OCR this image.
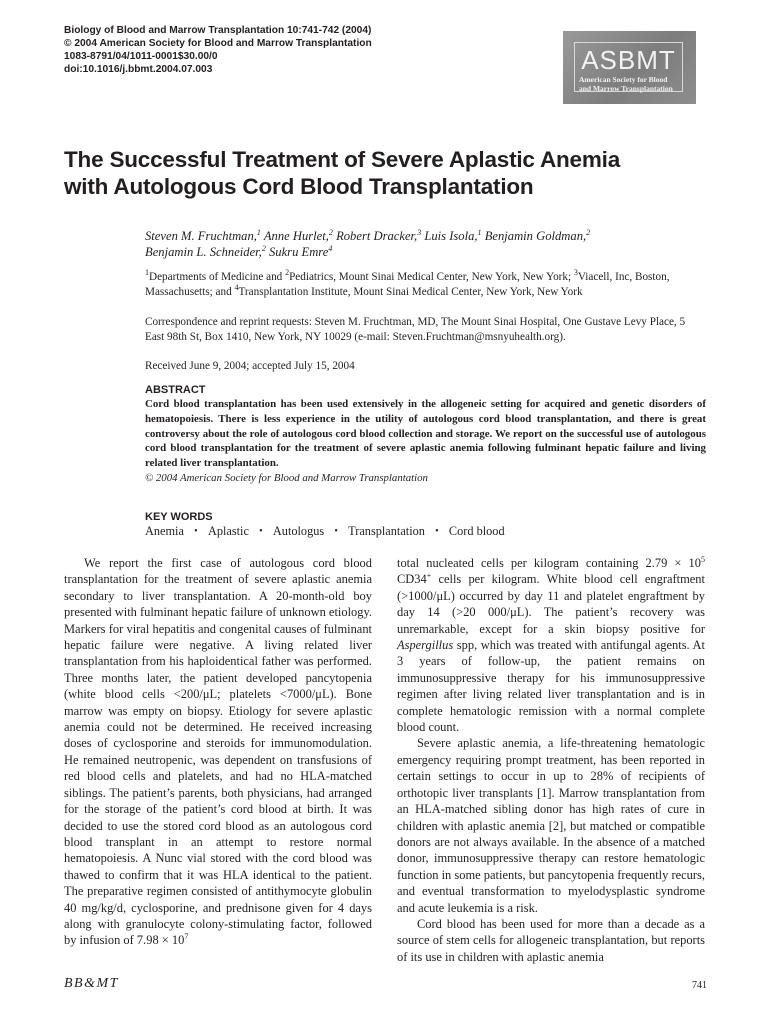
Biology of Blood and Marrow Transplantation 10:741-742 (2004)
© 2004 American Society for Blood and Marrow Transplantation
1083-8791/04/1011-0001$30.00/0
doi:10.1016/j.bbmt.2004.07.003	ASBMT
American Society for Blood
and Marrow Transplantation
The Successful Treatment of Severe Aplastic Anemia
with Autologous Cord Blood Transplantation
Steven M. Fruchtman,$^1$ Anne Hurlet,$^2$ Robert Dracker,$^3$ Luis Isola,$^1$ Benjamin Goldman,$^2$
Benjamin L. Schneider,$^2$ Sukru Emre$^4$
$^1$Departments of Medicine and $^2$Pediatrics, Mount Sinai Medical Center, New York, New York; $^3$Viacell, Inc, Boston, Massachusetts; and $^4$Transplantation Institute, Mount Sinai Medical Center, New York, New York
Correspondence and reprint requests: Steven M. Fruchtman, MD, The Mount Sinai Hospital, One Gustave Levy Place, 5 East 98th St, Box 1410, New York, NY 10029 (e-mail: Steven.Fruchtman@msnyuhealth.org).
Received June 9, 2004; accepted July 15, 2004
ABSTRACT
Cord blood transplantation has been used extensively in the allogeneic setting for acquired and genetic disorders of hematopoiesis. There is less experience in the utility of autologous cord blood transplantation, and there is great controversy about the role of autologous cord blood collection and storage. We report on the successful use of autologous cord blood transplantation for the treatment of severe aplastic anemia following fulminant hepatic failure and living related liver transplantation.
© 2004 American Society for Blood and Marrow Transplantation
KEY WORDS
Anemia • Aplastic • Autologus • Transplantation • Cord blood

We report the first case of autologous cord blood transplantation for the treatment of severe aplastic anemia secondary to liver transplantation. A 20-month-old boy presented with fulminant hepatic failure of unknown etiology. Markers for viral hepatitis and congenital causes of fulminant hepatic failure were negative. A living related liver transplantation from his haploidentical father was performed. Three months later, the patient developed pancytopenia (white blood cells <200/μL; platelets <7000/μL). Bone marrow was empty on biopsy. Etiology for severe aplastic anemia could not be determined. He received increasing doses of cyclosporine and steroids for immunomodulation. He remained neutropenic, was dependent on transfusions of red blood cells and platelets, and had no HLA-matched siblings. The patient’s parents, both physicians, had arranged for the storage of the patient’s cord blood at birth. It was decided to use the stored cord blood as an autologous cord blood transplant in an attempt to restore normal hematopoiesis. A Nunc vial stored with the cord blood was thawed to confirm that it was HLA identical to the patient. The preparative regimen consisted of antithymocyte globulin 40 mg/kg/d, cyclosporine, and prednisone given for 4 days along with granulocyte colony-stimulating factor, followed by infusion of $7.98 \times 10^7$

total nucleated cells per kilogram containing $2.79 \times 10^5$ CD34+ cells per kilogram. White blood cell engraftment (>1000/μL) occurred by day 11 and platelet engraftment by day 14 (>20 000/μL). The patient’s recovery was unremarkable, except for a skin biopsy positive for Aspergillus spp, which was treated with antifungal agents. At 3 years of follow-up, the patient remains on immunosuppressive therapy for his immunosuppressive regimen after living related liver transplantation and is in complete hematologic remission with a normal complete blood count.

Severe aplastic anemia, a life-threatening hematologic emergency requiring prompt treatment, has been reported in certain settings to occur in up to 28% of recipients of orthotopic liver transplants [1]. Marrow transplantation from an HLA-matched sibling donor has high rates of cure in children with aplastic anemia [2], but matched or compatible donors are not always available. In the absence of a matched donor, immunosuppressive therapy can restore hematologic function in some patients, but pancytopenia frequently recurs, and eventual transformation to myelodysplastic syndrome and acute leukemia is a risk.

Cord blood has been used for more than a decade as a source of stem cells for allogeneic transplantation, but reports of its use in children with aplastic anemia

BB&MT	741
